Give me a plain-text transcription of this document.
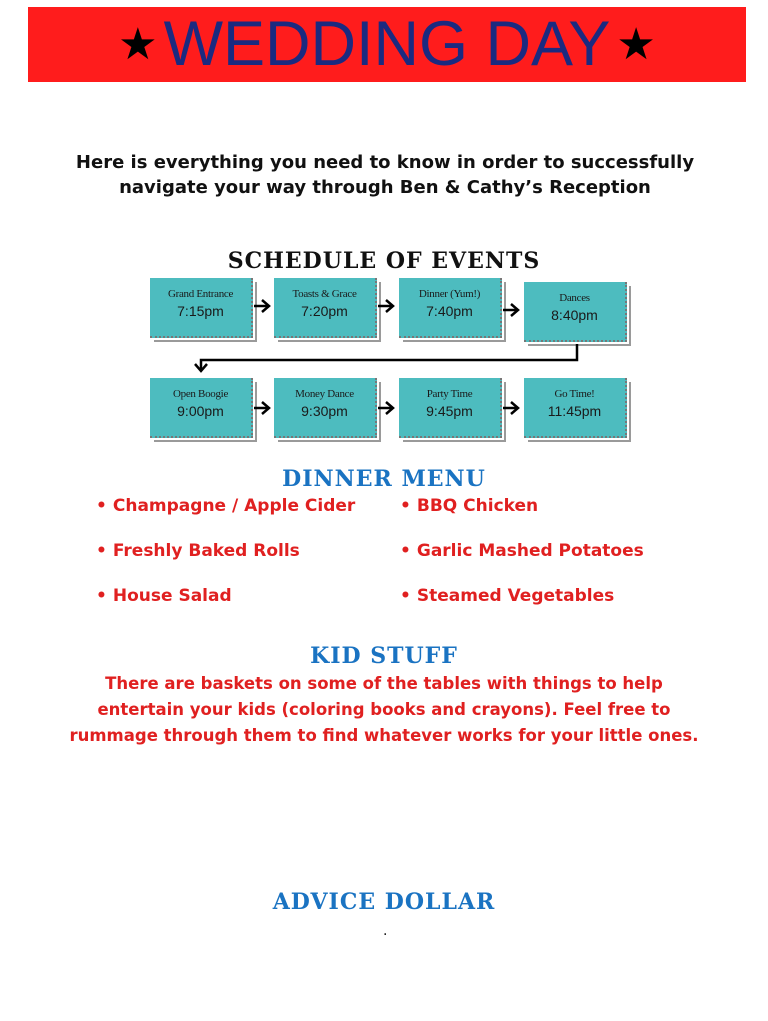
★ WEDDING DAY ★
Here is everything you need to know in order to successfully
navigate your way through Ben & Cathy’s Reception
SCHEDULE OF EVENTS
Grand Entrance
7:15pm
Toasts & Grace
7:20pm
Dinner (Yum!)
7:40pm
Dances
8:40pm
Open Boogie
9:00pm
Money Dance
9:30pm
Party Time
9:45pm
Go Time!
11:45pm
DINNER MENU
• Champagne / Apple Cider
• Freshly Baked Rolls
• House Salad
• BBQ Chicken
• Garlic Mashed Potatoes
• Steamed Vegetables
KID STUFF
There are baskets on some of the tables with things to help
entertain your kids (coloring books and crayons). Feel free to
rummage through them to find whatever works for your little ones.
ADVICE DOLLAR
.
